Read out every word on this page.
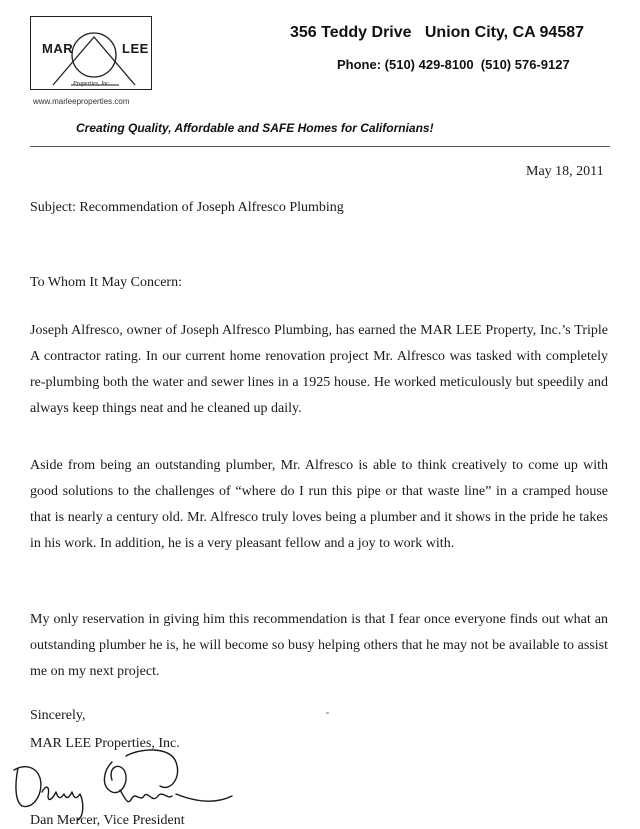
MAR	LEE
Properties, Inc.
www.marleeproperties.com
356 Teddy Drive   Union City, CA 94587
Phone: (510) 429-8100  (510) 576-9127
Creating Quality, Affordable and SAFE Homes for Californians!
May 18, 2011
Subject: Recommendation of Joseph Alfresco Plumbing
To Whom It May Concern:
Joseph Alfresco, owner of Joseph Alfresco Plumbing, has earned the MAR LEE Property, Inc.’s Triple A contractor rating. In our current home renovation project Mr. Alfresco was tasked with completely re-plumbing both the water and sewer lines in a 1925 house. He worked meticulously but speedily and always keep things neat and he cleaned up daily.
Aside from being an outstanding plumber, Mr. Alfresco is able to think creatively to come up with good solutions to the challenges of “where do I run this pipe or that waste line” in a cramped house that is nearly a century old. Mr. Alfresco truly loves being a plumber and it shows in the pride he takes in his work. In addition, he is a very pleasant fellow and a joy to work with.
My only reservation in giving him this recommendation is that I fear once everyone finds out what an outstanding plumber he is, he will become so busy helping others that he may not be available to assist me on my next project.
Sincerely,
MAR LEE Properties, Inc.
Dan Mercer, Vice President
